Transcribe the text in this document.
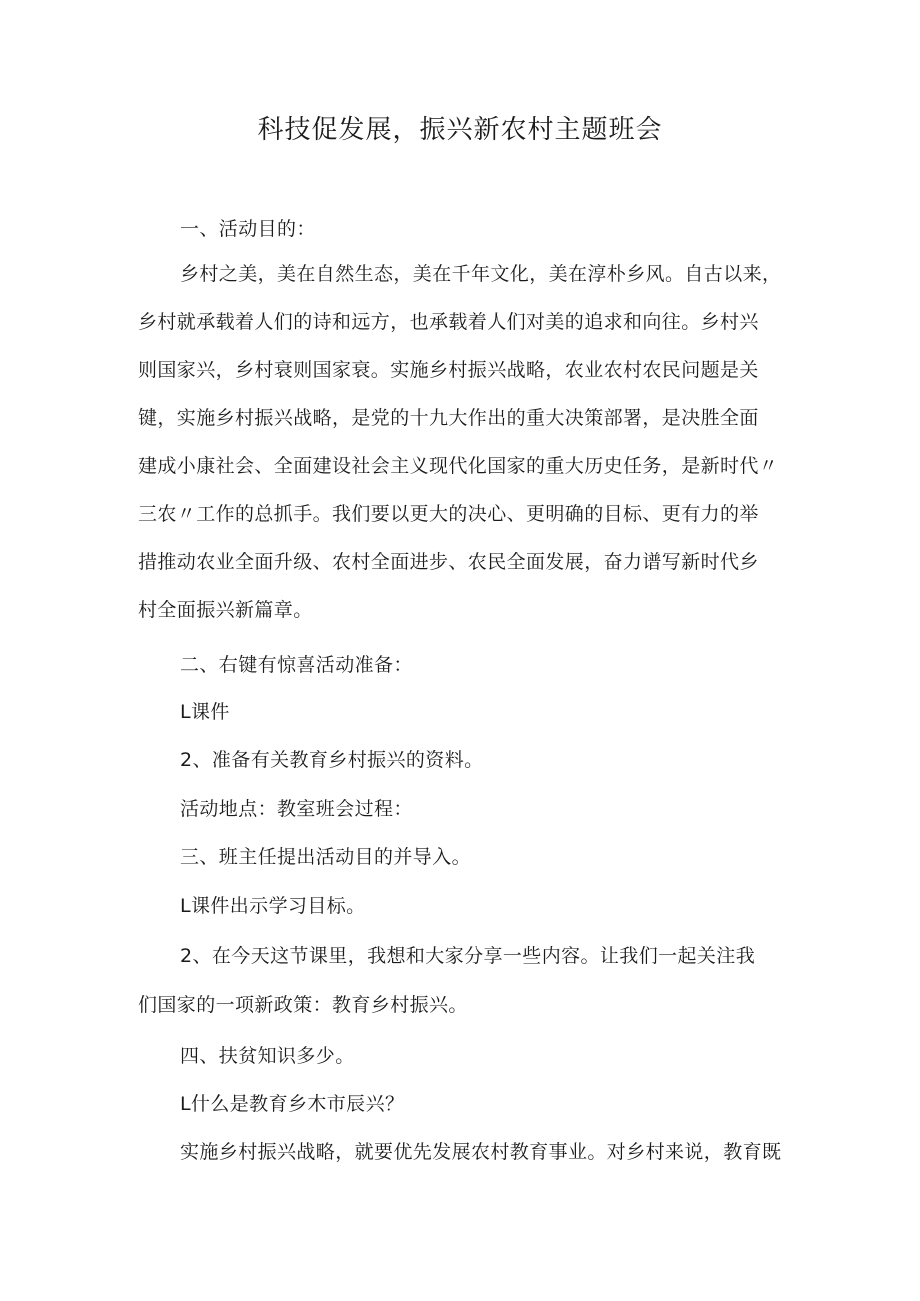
科技促发展，振兴新农村主题班会

一、活动目的：

乡村之美，美在自然生态，美在千年文化，美在淳朴乡风。自古以来，

乡村就承载着人们的诗和远方，也承载着人们对美的追求和向往。乡村兴

则国家兴，乡村衰则国家衰。实施乡村振兴战略，农业农村农民问题是关

键，实施乡村振兴战略，是党的十九大作出的重大决策部署，是决胜全面

建成小康社会、全面建设社会主义现代化国家的重大历史任务，是新时代〃

三农〃工作的总抓手。我们要以更大的决心、更明确的目标、更有力的举

措推动农业全面升级、农村全面进步、农民全面发展，奋力谱写新时代乡

村全面振兴新篇章。

二、右键有惊喜活动准备：

L课件

2、准备有关教育乡村振兴的资料。

活动地点：教室班会过程：

三、班主任提出活动目的并导入。

L课件出示学习目标。

2、在今天这节课里，我想和大家分享一些内容。让我们一起关注我

们国家的一项新政策：教育乡村振兴。

四、扶贫知识多少。

L什么是教育乡木市辰兴？

实施乡村振兴战略，就要优先发展农村教育事业。对乡村来说，教育既
